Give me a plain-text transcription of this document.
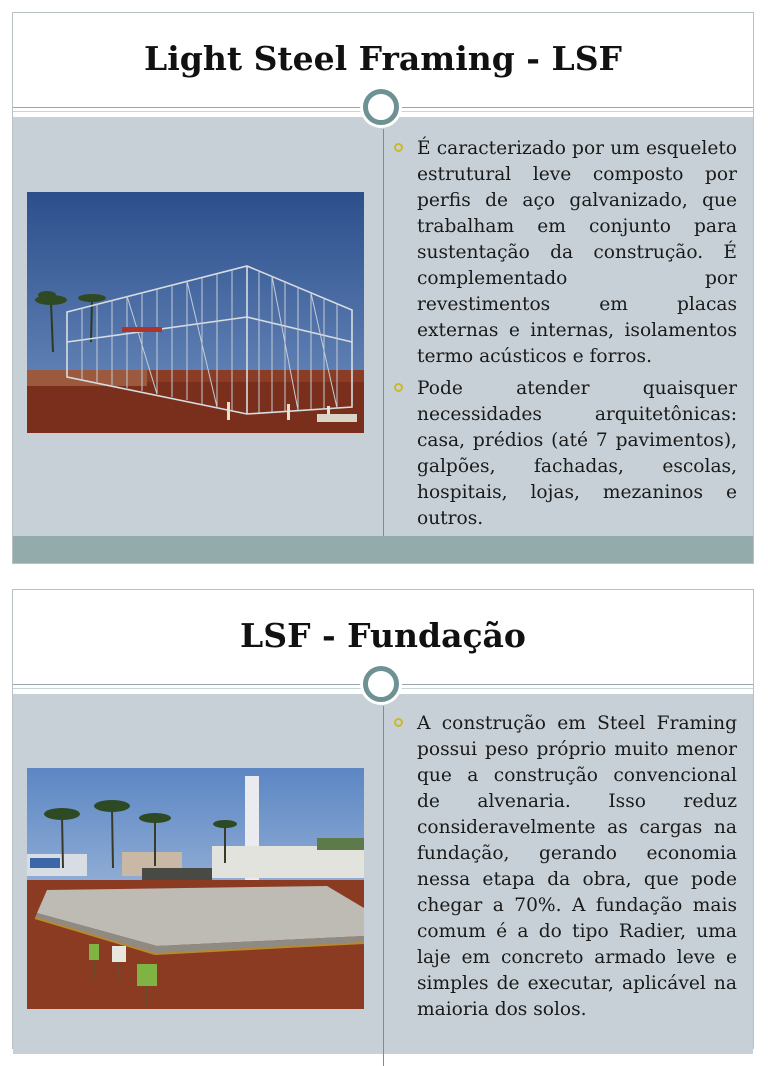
Light Steel Framing - LSF
É caracterizado por um esqueleto estrutural leve composto por perfis de aço galvanizado, que trabalham em conjunto para sustentação da construção. É complementado por revestimentos em placas externas e internas, isolamentos termo acústicos e forros.
Pode atender quaisquer necessidades arquitetônicas: casa, prédios (até 7 pavimentos), galpões, fachadas, escolas, hospitais, lojas, mezaninos e outros.
LSF - Fundação
A construção em Steel Framing possui peso próprio muito menor que a construção convencional de alvenaria. Isso reduz consideravelmente as cargas na fundação, gerando economia nessa etapa da obra, que pode chegar a 70%. A fundação mais comum é a do tipo Radier, uma laje em concreto armado leve e simples de executar, aplicável na maioria dos solos.
